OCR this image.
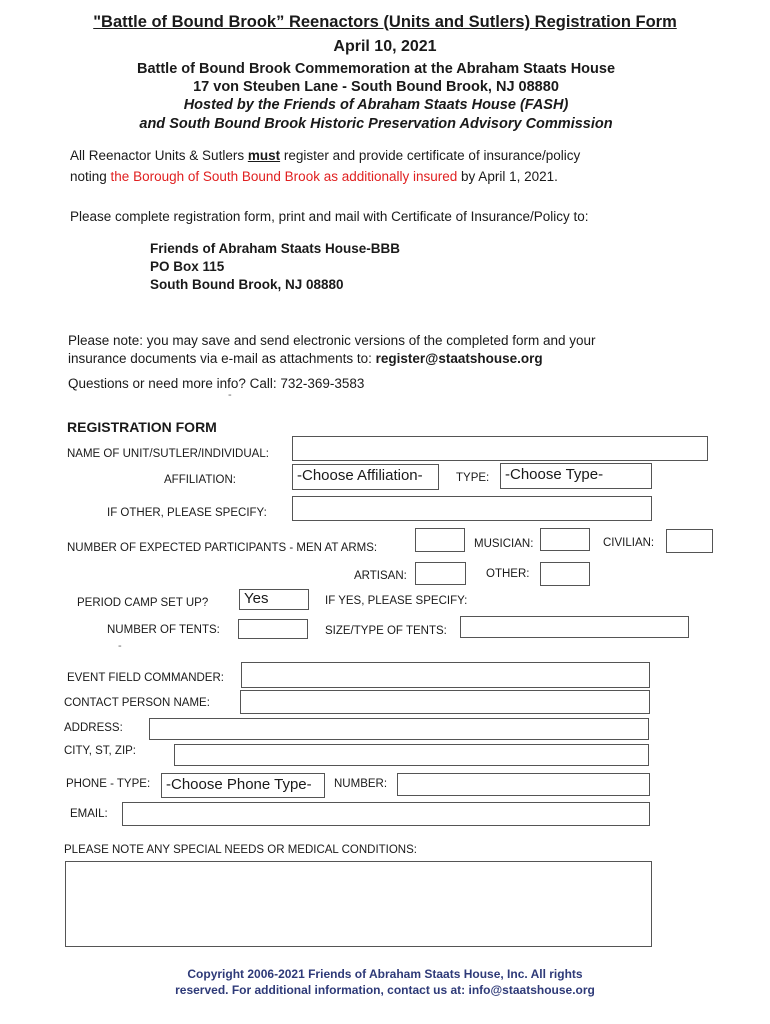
"Battle of Bound Brook” Reenactors (Units and Sutlers) Registration Form
April 10, 2021
Battle of Bound Brook Commemoration at the Abraham Staats House
17 von Steuben Lane - South Bound Brook, NJ 08880
Hosted by the Friends of Abraham Staats House (FASH)
and South Bound Brook Historic Preservation Advisory Commission
All Reenactor Units & Sutlers must register and provide certificate of insurance/policy
noting the Borough of South Bound Brook as additionally insured by April 1, 2021.
Please complete registration form, print and mail with Certificate of Insurance/Policy to:
Friends of Abraham Staats House-BBB
PO Box 115
South Bound Brook, NJ 08880
Please note: you may save and send electronic versions of the completed form and your
insurance documents via e-mail as attachments to: register@staatshouse.org
Questions or need more info? Call: 732-369-3583
-
REGISTRATION FORM
NAME OF UNIT/SUTLER/INDIVIDUAL:
AFFILIATION:	-Choose Affiliation-	TYPE:	-Choose Type-
IF OTHER, PLEASE SPECIFY:
NUMBER OF EXPECTED PARTICIPANTS - MEN AT ARMS:	MUSICIAN:	CIVILIAN:
ARTISAN:	OTHER:
PERIOD CAMP SET UP?	Yes	IF YES, PLEASE SPECIFY:
NUMBER OF TENTS:	SIZE/TYPE OF TENTS:
-
EVENT FIELD COMMANDER:
CONTACT PERSON NAME:
ADDRESS:
CITY, ST, ZIP:
PHONE - TYPE:	-Choose Phone Type-	NUMBER:
EMAIL:
PLEASE NOTE ANY SPECIAL NEEDS OR MEDICAL CONDITIONS:
Copyright 2006-2021 Friends of Abraham Staats House, Inc. All rights
reserved. For additional information, contact us at: info@staatshouse.org
